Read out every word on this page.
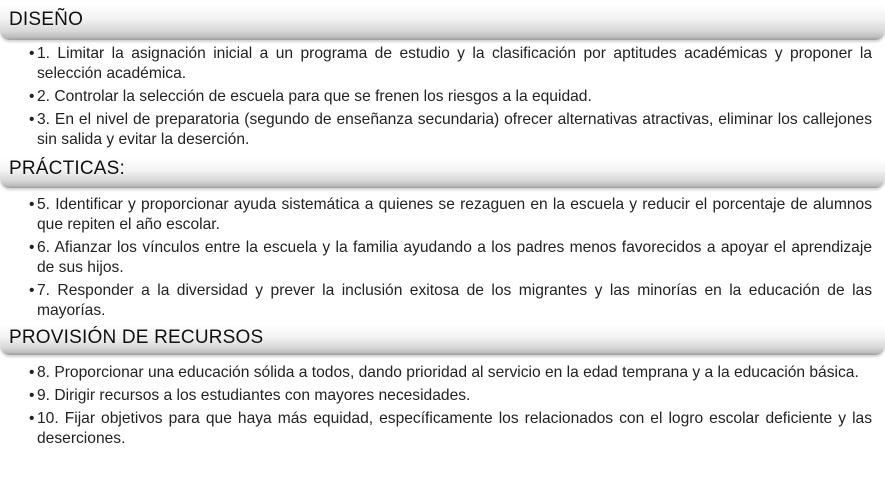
DISEÑO
• 1. Limitar la asignación inicial a un programa de estudio y la clasificación por aptitudes académicas y proponer la selección académica.
• 2. Controlar la selección de escuela para que se frenen los riesgos a la equidad.
• 3. En el nivel de preparatoria (segundo de enseñanza secundaria) ofrecer alternativas atractivas, eliminar los callejones sin salida y evitar la deserción.
PRÁCTICAS:
• 5. Identificar y proporcionar ayuda sistemática a quienes se rezaguen en la escuela y reducir el porcentaje de alumnos que repiten el año escolar.
• 6. Afianzar los vínculos entre la escuela y la familia ayudando a los padres menos favorecidos a apoyar el aprendizaje de sus hijos.
• 7. Responder a la diversidad y prever la inclusión exitosa de los migrantes y las minorías en la educación de las mayorías.
PROVISIÓN DE RECURSOS
• 8. Proporcionar una educación sólida a todos, dando prioridad al servicio en la edad temprana y a la educación básica.
• 9. Dirigir recursos a los estudiantes con mayores necesidades.
• 10. Fijar objetivos para que haya más equidad, específicamente los relacionados con el logro escolar deficiente y las deserciones.
